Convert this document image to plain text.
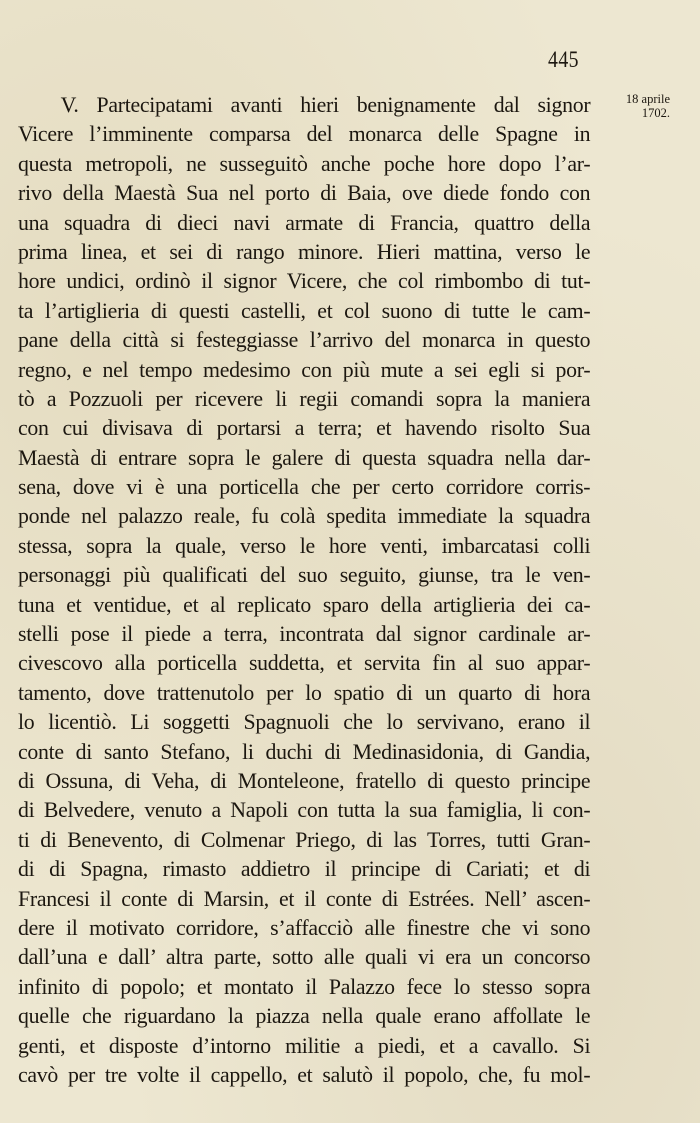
445
18 aprile
1702.
V. Partecipatami avanti hieri benignamente dal signor
Vicere l’imminente comparsa del monarca delle Spagne in
questa metropoli, ne susseguitò anche poche hore dopo l’ar-
rivo della Maestà Sua nel porto di Baia, ove diede fondo con
una squadra di dieci navi armate di Francia, quattro della
prima linea, et sei di rango minore. Hieri mattina, verso le
hore undici, ordinò il signor Vicere, che col rimbombo di tut-
ta l’artiglieria di questi castelli, et col suono di tutte le cam-
pane della città si festeggiasse l’arrivo del monarca in questo
regno, e nel tempo medesimo con più mute a sei egli si por-
tò a Pozzuoli per ricevere li regii comandi sopra la maniera
con cui divisava di portarsi a terra; et havendo risolto Sua
Maestà di entrare sopra le galere di questa squadra nella dar-
sena, dove vi è una porticella che per certo corridore corris-
ponde nel palazzo reale, fu colà spedita immediate la squadra
stessa, sopra la quale, verso le hore venti, imbarcatasi colli
personaggi più qualificati del suo seguito, giunse, tra le ven-
tuna et ventidue, et al replicato sparo della artiglieria dei ca-
stelli pose il piede a terra, incontrata dal signor cardinale ar-
civescovo alla porticella suddetta, et servita fin al suo appar-
tamento, dove trattenutolo per lo spatio di un quarto di hora
lo licentiò. Li soggetti Spagnuoli che lo servivano, erano il
conte di santo Stefano, li duchi di Medinasidonia, di Gandia,
di Ossuna, di Veha, di Monteleone, fratello di questo principe
di Belvedere, venuto a Napoli con tutta la sua famiglia, li con-
ti di Benevento, di Colmenar Priego, di las Torres, tutti Gran-
di di Spagna, rimasto addietro il principe di Cariati; et di
Francesi il conte di Marsin, et il conte di Estrées. Nell’ ascen-
dere il motivato corridore, s’affacciò alle finestre che vi sono
dall’una e dall’ altra parte, sotto alle quali vi era un concorso
infinito di popolo; et montato il Palazzo fece lo stesso sopra
quelle che riguardano la piazza nella quale erano affollate le
genti, et disposte d’intorno militie a piedi, et a cavallo. Si
cavò per tre volte il cappello, et salutò il popolo, che, fu mol-
